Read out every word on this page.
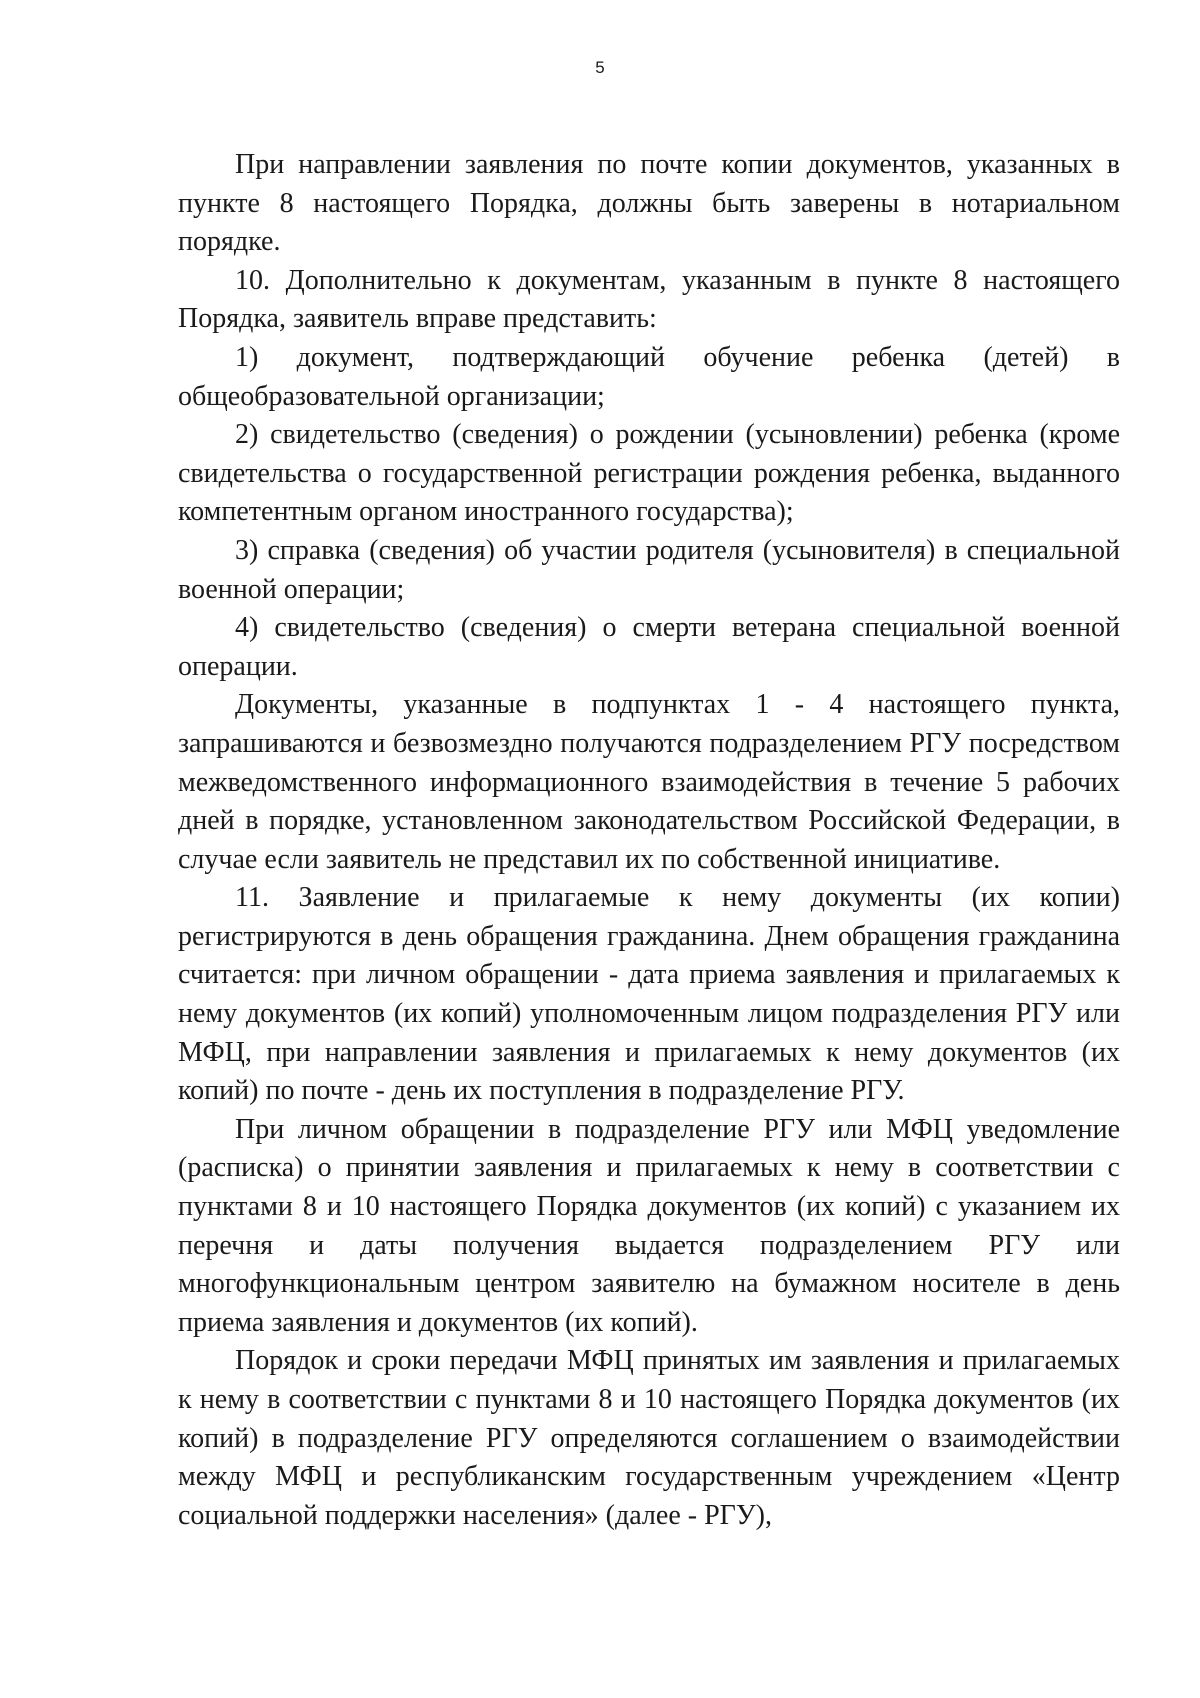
5

При направлении заявления по почте копии документов, указанных в пункте 8 настоящего Порядка, должны быть заверены в нотариальном порядке.

10. Дополнительно к документам, указанным в пункте 8 настоящего Порядка, заявитель вправе представить:

1) документ, подтверждающий обучение ребенка (детей) в общеобразовательной организации;

2) свидетельство (сведения) о рождении (усыновлении) ребенка (кроме свидетельства о государственной регистрации рождения ребенка, выданного компетентным органом иностранного государства);

3) справка (сведения) об участии родителя (усыновителя) в специальной военной операции;

4) свидетельство (сведения) о смерти ветерана специальной военной операции.

Документы, указанные в подпунктах 1 - 4 настоящего пункта, запрашиваются и безвозмездно получаются подразделением РГУ посредством межведомственного информационного взаимодействия в течение 5 рабочих дней в порядке, установленном законодательством Российской Федерации, в случае если заявитель не представил их по собственной инициативе.

11. Заявление и прилагаемые к нему документы (их копии) регистрируются в день обращения гражданина. Днем обращения гражданина считается: при личном обращении - дата приема заявления и прилагаемых к нему документов (их копий) уполномоченным лицом подразделения РГУ или МФЦ, при направлении заявления и прилагаемых к нему документов (их копий) по почте - день их поступления в подразделение РГУ.

При личном обращении в подразделение РГУ или МФЦ уведомление (расписка) о принятии заявления и прилагаемых к нему в соответствии с пунктами 8 и 10 настоящего Порядка документов (их копий) с указанием их перечня и даты получения выдается подразделением РГУ или многофункциональным центром заявителю на бумажном носителе в день приема заявления и документов (их копий).

Порядок и сроки передачи МФЦ принятых им заявления и прилагаемых к нему в соответствии с пунктами 8 и 10 настоящего Порядка документов (их копий) в подразделение РГУ определяются соглашением о взаимодействии между МФЦ и республиканским государственным учреждением «Центр социальной поддержки населения» (далее - РГУ),
